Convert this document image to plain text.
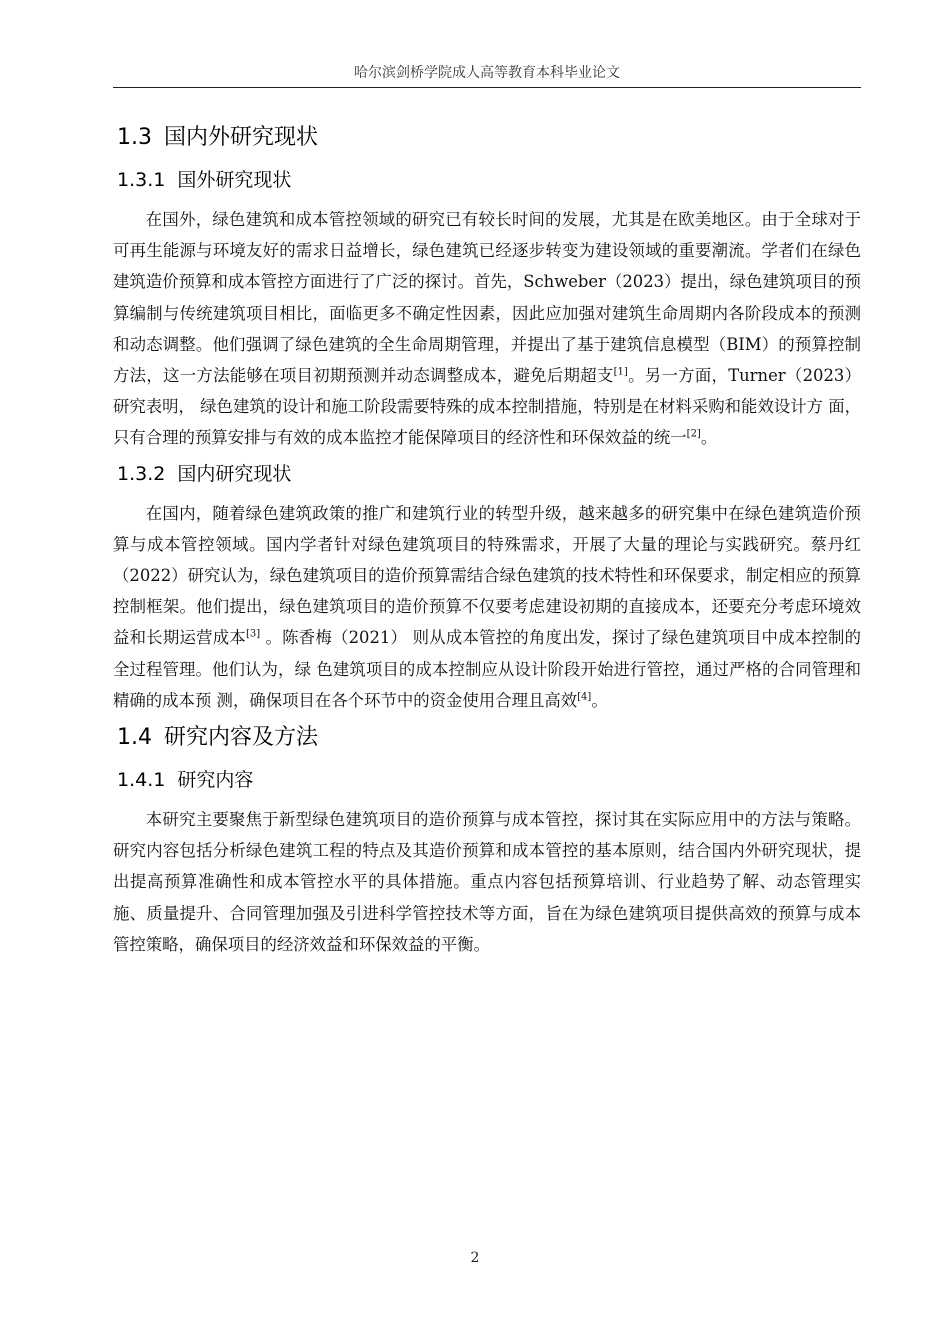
哈尔滨剑桥学院成人高等教育本科毕业论文
1.3 国内外研究现状
1.3.1 国外研究现状

在国外，绿色建筑和成本管控领域的研究已有较长时间的发展，尤其是在欧美地区。由于全球对于可再生能源与环境友好的需求日益增长，绿色建筑已经逐步转变为建设领域的重要潮流。学者们在绿色建筑造价预算和成本管控方面进行了广泛的探讨。首先，Schweber（2023）提出，绿色建筑项目的预算编制与传统建筑项目相比，面临更多不确定性因素，因此应加强对建筑生命周期内各阶段成本的预测和动态调整。他们强调了绿色建筑的全生命周期管理，并提出了基于建筑信息模型（BIM）的预算控制方法，这一方法能够在项目初期预测并动态调整成本，避免后期超支[1]。另一方面，Turner（2023）研究表明， 绿色建筑的设计和施工阶段需要特殊的成本控制措施，特别是在材料采购和能效设计方 面，只有合理的预算安排与有效的成本监控才能保障项目的经济性和环保效益的统一[2]。

1.3.2 国内研究现状

在国内，随着绿色建筑政策的推广和建筑行业的转型升级，越来越多的研究集中在绿色建筑造价预算与成本管控领域。国内学者针对绿色建筑项目的特殊需求，开展了大量的理论与实践研究。蔡丹红（2022）研究认为，绿色建筑项目的造价预算需结合绿色建筑的技术特性和环保要求，制定相应的预算控制框架。他们提出，绿色建筑项目的造价预算不仅要考虑建设初期的直接成本，还要充分考虑环境效益和长期运营成本[3] 。陈香梅（2021） 则从成本管控的角度出发，探讨了绿色建筑项目中成本控制的全过程管理。他们认为，绿 色建筑项目的成本控制应从设计阶段开始进行管控，通过严格的合同管理和精确的成本预 测，确保项目在各个环节中的资金使用合理且高效[4]。

1.4 研究内容及方法
1.4.1 研究内容

本研究主要聚焦于新型绿色建筑项目的造价预算与成本管控，探讨其在实际应用中的方法与策略。研究内容包括分析绿色建筑工程的特点及其造价预算和成本管控的基本原则，结合国内外研究现状，提出提高预算准确性和成本管控水平的具体措施。重点内容包括预算培训、行业趋势了解、动态管理实施、质量提升、合同管理加强及引进科学管控技术等方面，旨在为绿色建筑项目提供高效的预算与成本管控策略，确保项目的经济效益和环保效益的平衡。

2
